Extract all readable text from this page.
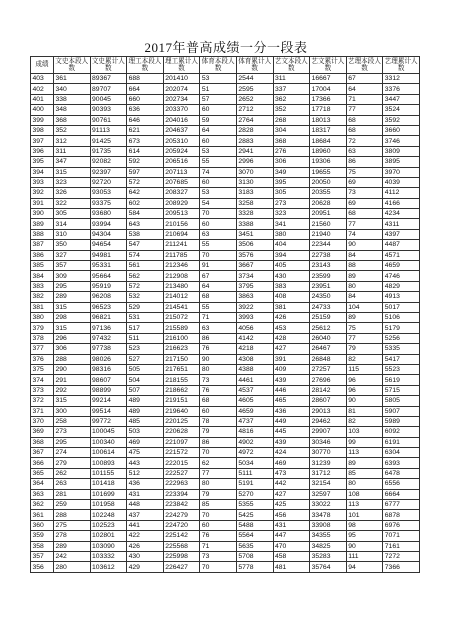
2017年普高成绩一分一段表
成绩	文史本段人数	文史累计人数	理工本段人数	理工累计人数	体育本段人数	体育累计人数	艺文本段人数	艺文累计人数	艺理本段人数	艺理累计人数
403	361	89367	688	201410	53	2544	311	16667	67	3312
402	340	89707	664	202074	51	2595	337	17004	64	3376
401	338	90045	660	202734	57	2652	362	17366	71	3447
400	348	90393	636	203370	60	2712	352	17718	77	3524
399	368	90761	646	204016	59	2764	268	18013	68	3592
398	352	91113	621	204637	64	2828	304	18317	68	3660
397	312	91425	673	205310	60	2883	368	18684	72	3746
396	311	91735	614	205924	53	2941	276	18960	63	3809
395	347	92082	592	206516	55	2996	306	19306	86	3895
394	315	92397	597	207113	74	3070	349	19655	75	3970
393	323	92720	572	207685	60	3130	395	20050	69	4039
392	326	93053	642	208327	53	3183	305	20355	73	4112
391	322	93375	602	208929	54	3258	273	20628	69	4166
390	305	93680	584	209513	70	3328	323	20951	68	4234
389	314	93994	643	210156	60	3388	341	21560	77	4311
388	310	94304	538	210694	63	3451	380	21940	74	4397
387	350	94654	547	211241	55	3506	404	22344	90	4487
386	327	94981	574	211785	70	3576	394	22738	84	4571
385	357	95331	561	212346	91	3667	405	23143	88	4659
384	309	95664	562	212908	67	3734	430	23599	89	4746
383	295	95919	572	213480	64	3795	383	23951	80	4829
382	289	96208	532	214012	68	3863	408	24350	84	4913
381	315	96523	529	214541	55	3922	381	24733	104	5017
380	298	96821	531	215072	71	3993	426	25159	89	5106
379	315	97136	517	215589	63	4056	453	25612	75	5179
378	296	97432	511	216100	86	4142	428	26040	77	5256
377	306	97738	523	216623	76	4218	427	26467	79	5335
376	288	98026	527	217150	90	4308	391	26848	82	5417
375	290	98316	505	217651	80	4388	409	27257	115	5523
374	291	98607	504	218155	73	4461	439	27696	96	5619
373	292	98899	507	218662	76	4537	446	28142	96	5715
372	315	99214	489	219151	68	4605	465	28607	90	5805
371	300	99514	489	219640	60	4659	436	29013	81	5907
370	258	99772	485	220125	78	4737	449	29462	82	5989
369	273	100045	503	220628	79	4816	445	29907	103	6092
368	295	100340	469	221097	86	4902	439	30346	99	6191
367	274	100614	475	221572	70	4972	424	30770	113	6304
366	279	100893	443	222015	62	5034	469	31239	89	6393
365	262	101155	512	222527	77	5111	473	31712	85	6478
364	263	101418	436	222963	80	5191	442	32154	80	6556
363	281	101699	431	223394	79	5270	427	32597	108	6664
362	259	101958	448	223842	85	5355	425	33022	113	6777
361	288	102248	437	224279	70	5425	456	33478	101	6878
360	275	102523	441	224720	60	5488	431	33908	98	6976
359	278	102801	422	225142	76	5564	447	34355	95	7071
358	289	103090	426	225568	71	5635	470	34825	90	7161
357	242	103332	430	225998	73	5708	458	35283	111	7272
356	280	103612	429	226427	70	5778	481	35764	94	7366
